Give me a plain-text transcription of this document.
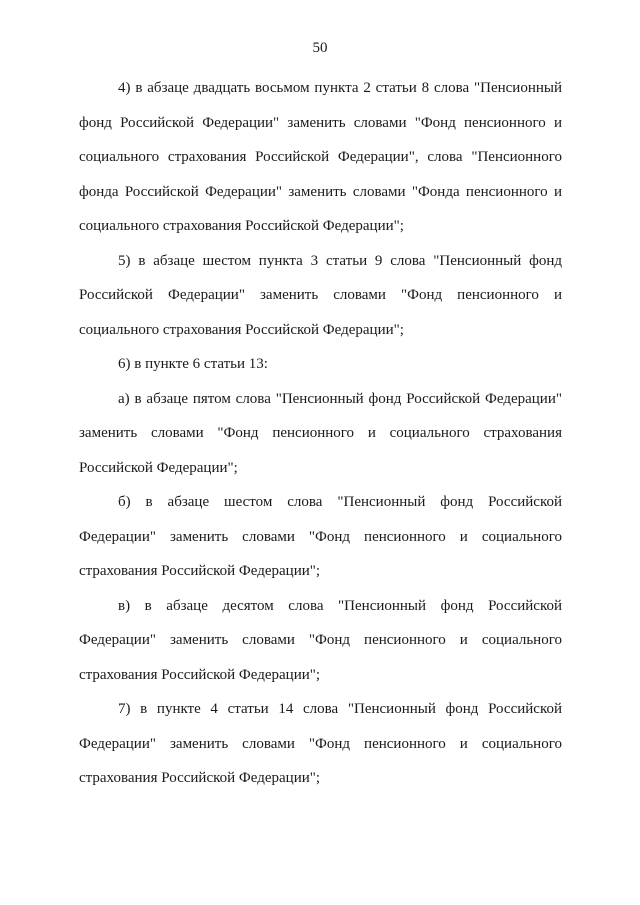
50

4) в абзаце двадцать восьмом пункта 2 статьи 8 слова "Пенсионный фонд Российской Федерации" заменить словами "Фонд пенсионного и социального страхования Российской Федерации", слова "Пенсионного фонда Российской Федерации" заменить словами "Фонда пенсионного и социального страхования Российской Федерации";

5) в абзаце шестом пункта 3 статьи 9 слова "Пенсионный фонд Российской Федерации" заменить словами "Фонд пенсионного и социального страхования Российской Федерации";

6) в пункте 6 статьи 13:

а) в абзаце пятом слова "Пенсионный фонд Российской Федерации" заменить словами "Фонд пенсионного и социального страхования Российской Федерации";

б) в абзаце шестом слова "Пенсионный фонд Российской Федерации" заменить словами "Фонд пенсионного и социального страхования Российской Федерации";

в) в абзаце десятом слова "Пенсионный фонд Российской Федерации" заменить словами "Фонд пенсионного и социального страхования Российской Федерации";

7) в пункте 4 статьи 14 слова "Пенсионный фонд Российской Федерации" заменить словами "Фонд пенсионного и социального страхования Российской Федерации";
